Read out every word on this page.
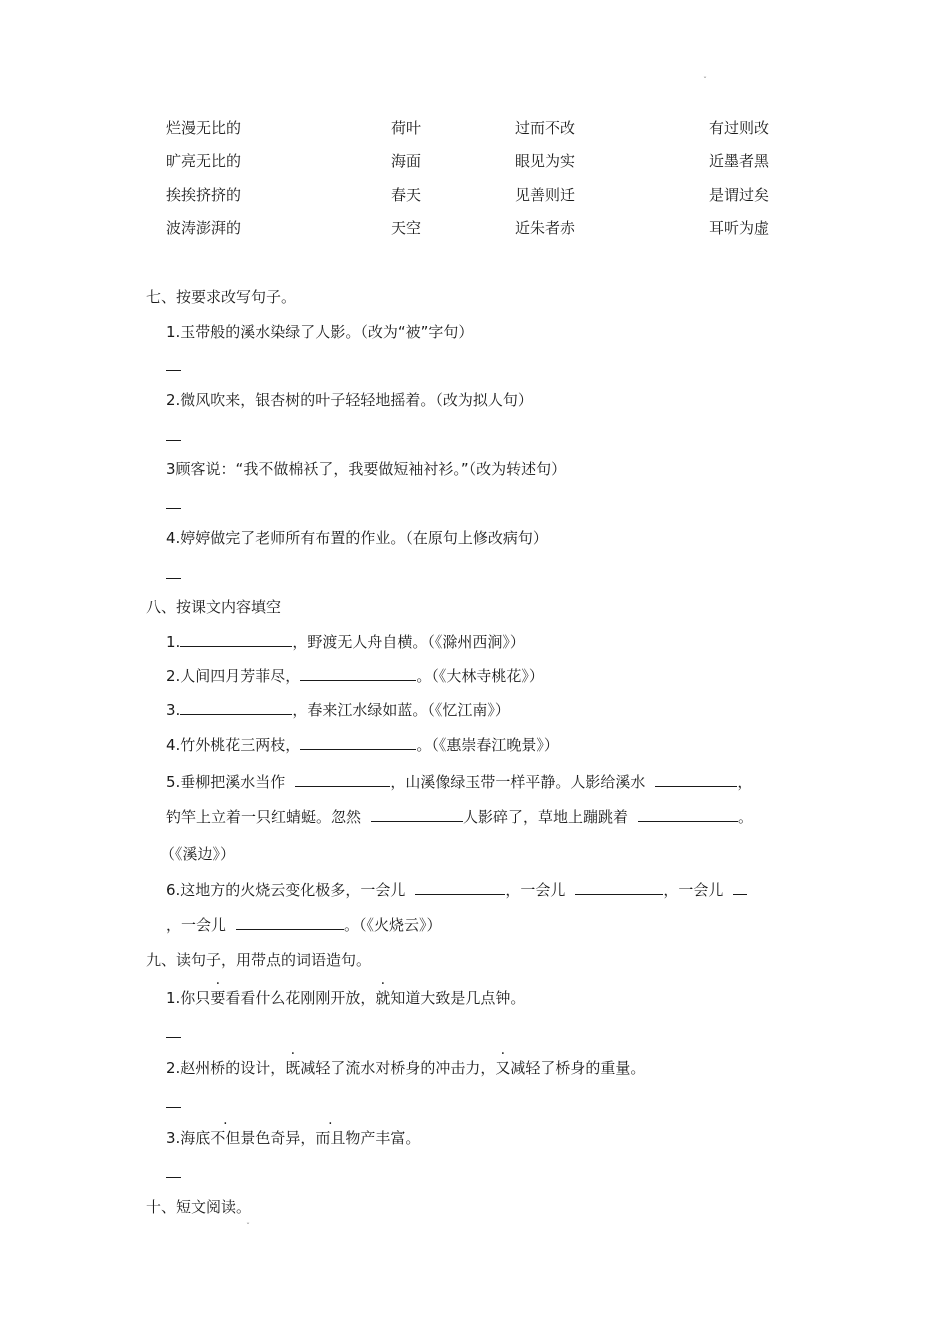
ˇ
烂漫无比的	荷叶	过而不改	有过则改
旷亮无比的	海面	眼见为实	近墨者黑
挨挨挤挤的	春天	见善则迁	是谓过矣
波涛澎湃的	天空	近朱者赤	耳听为虚
七、按要求改写句子。
1.玉带般的溪水染绿了人影。（改为“被”字句）
2.微风吹来，银杏树的叶子轻轻地摇着。（改为拟人句）
3顾客说：“我不做棉袄了，我要做短袖衬衫。”（改为转述句）
4.婷婷做完了老师所有布置的作业。（在原句上修改病句）
八、按课文内容填空
1.	，野渡无人舟自横。（《滁州西涧》）
2.人间四月芳菲尽，	。（《大林寺桃花》）
3.	，春来江水绿如蓝。（《忆江南》）
4.竹外桃花三两枝，	。（《惠崇春江晚景》）
5.垂柳把溪水当作	，山溪像绿玉带一样平静。人影给溪水	，
钓竿上立着一只红蜻蜓。忽然	人影碎了，草地上蹦跳着	。
（《溪边》）
6.这地方的火烧云变化极多，一会儿	，一会儿	，一会儿
，一会儿	。（《火烧云》）
九、读句子，用带点的词语造句。
1.你只要看看什么花刚刚开放，就知道大致是几点钟。
2.赵州桥的设计，既减轻了流水对桥身的冲击力，又减轻了桥身的重量。
3.海底不但景色奇异，而且物产丰富。
十、短文阅读。
ˇ
